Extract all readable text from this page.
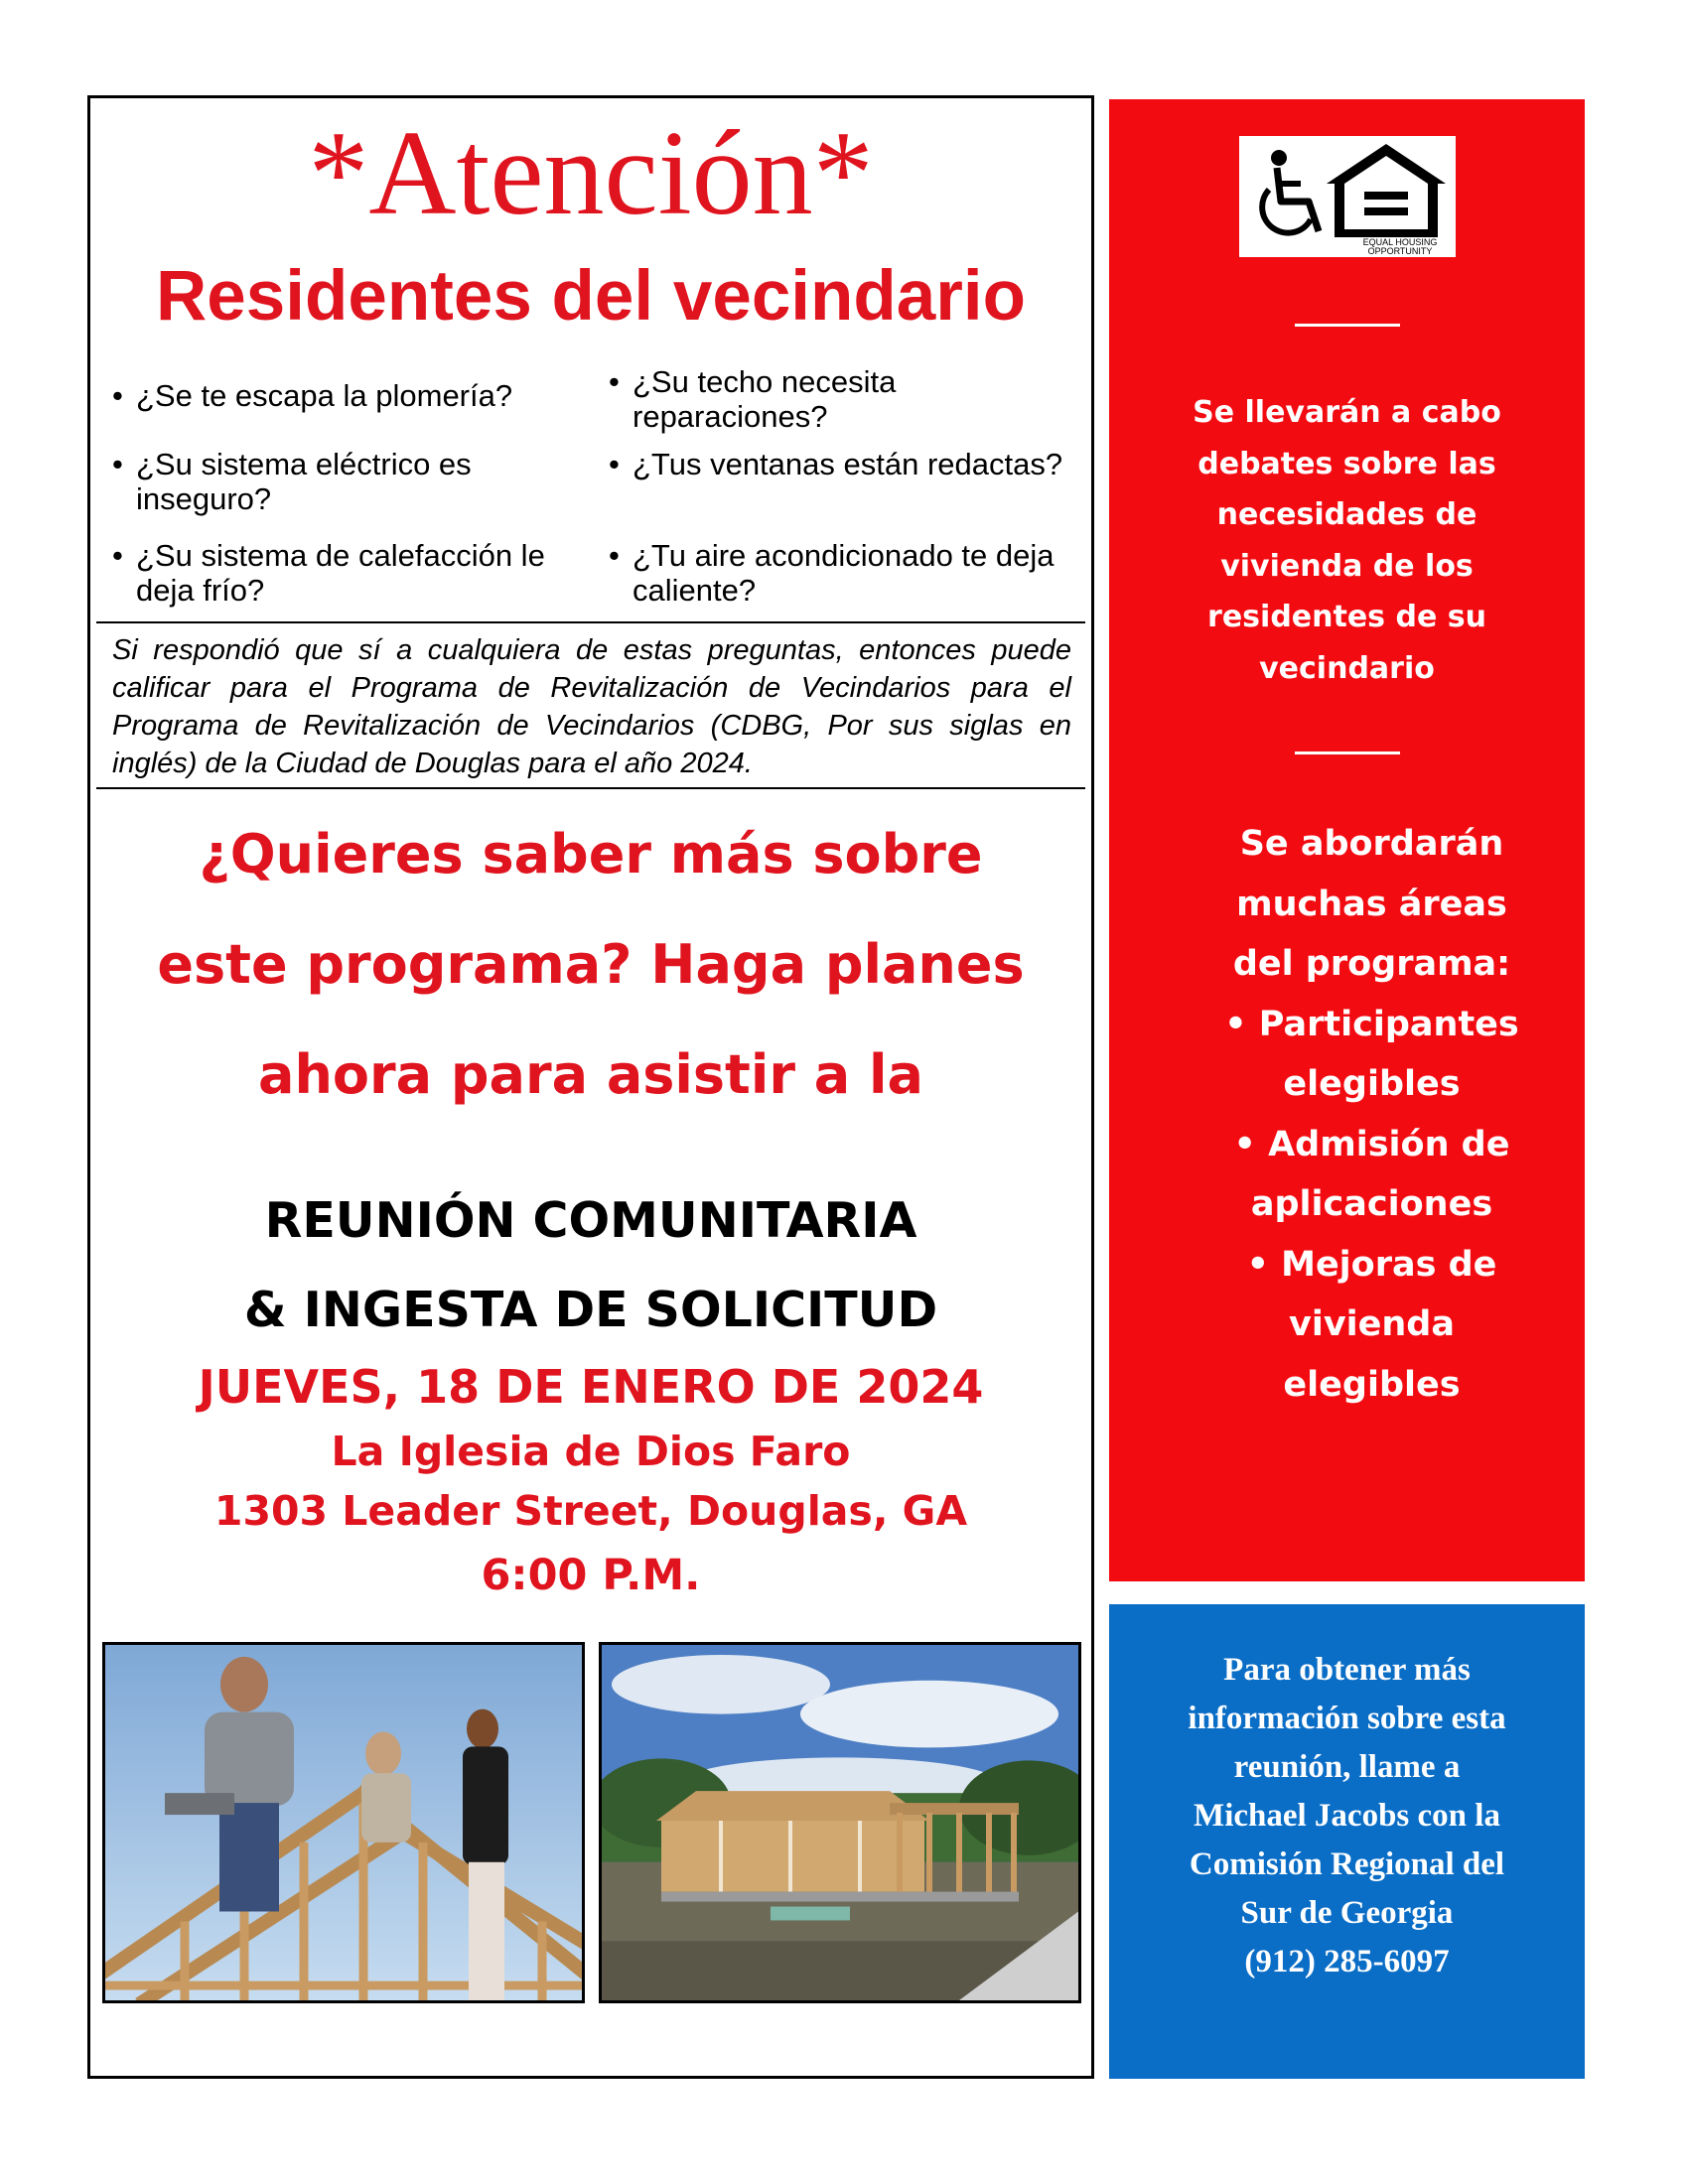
*Atención*
Residentes del vecindario
• ¿Se te escapa la plomería?
• ¿Su sistema eléctrico es inseguro?
• ¿Su sistema de calefacción le deja frío?
• ¿Su techo necesita reparaciones?
• ¿Tus ventanas están redactas?
• ¿Tu aire acondicionado te deja caliente?
Si respondió que sí a cualquiera de estas preguntas, entonces puede calificar para el Programa de Revitalización de Vecindarios para el Programa de Revitalización de Vecindarios (CDBG, Por sus siglas en inglés) de la Ciudad de Douglas para el año 2024.
¿Quieres saber más sobre
este programa? Haga planes
ahora para asistir a la
REUNIÓN COMUNITARIA
& INGESTA DE SOLICITUD
JUEVES, 18 DE ENERO DE 2024
La Iglesia de Dios Faro
1303 Leader Street, Douglas, GA
6:00 P.M.
EQUAL HOUSING
OPPORTUNITY
Se llevarán a cabo
debates sobre las
necesidades de
vivienda de los
residentes de su
vecindario
Se abordarán
muchas áreas
del programa:
• Participantes
elegibles
• Admisión de
aplicaciones
• Mejoras de
vivienda
elegibles
Para obtener más
información sobre esta
reunión, llame a
Michael Jacobs con la
Comisión Regional del
Sur de Georgia
(912) 285-6097
